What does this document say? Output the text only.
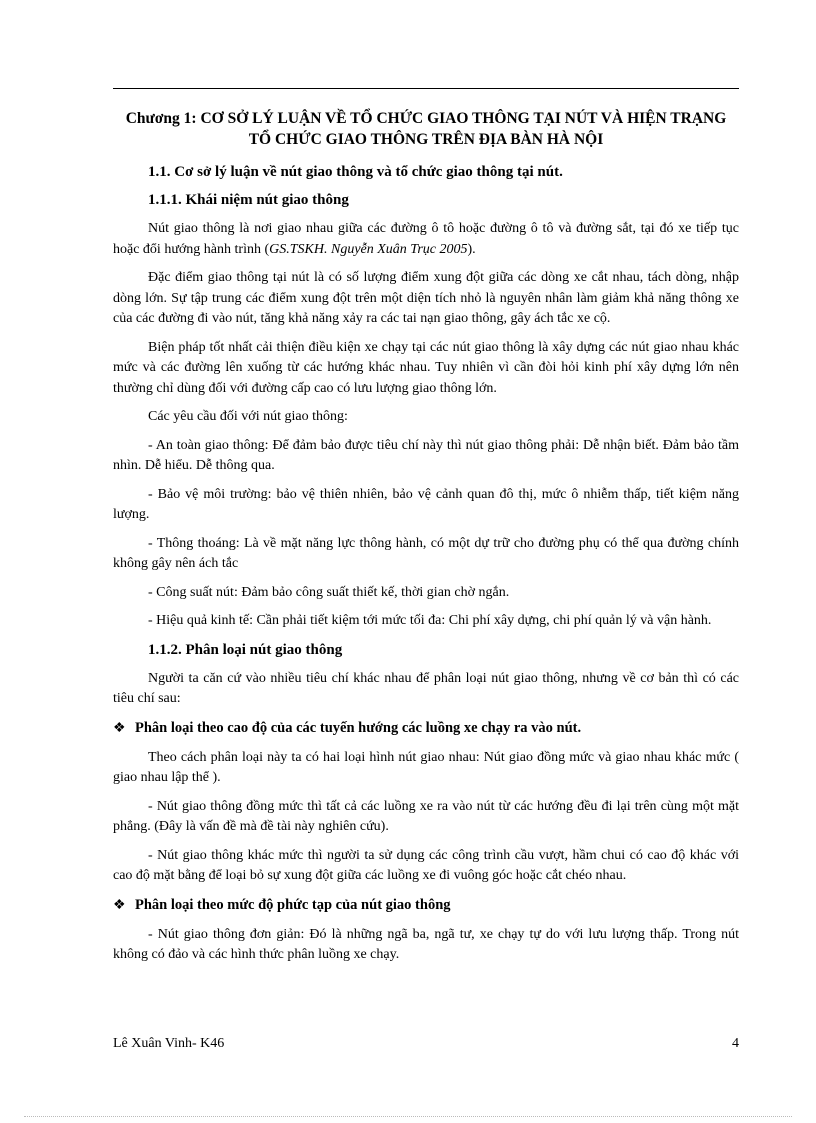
Chương 1: CƠ SỞ LÝ LUẬN VỀ TỔ CHỨC GIAO THÔNG TẠI NÚT VÀ HIỆN TRẠNG
TỔ CHỨC GIAO THÔNG TRÊN ĐỊA BÀN HÀ NỘI
1.1. Cơ sở lý luận về nút giao thông và tổ chức giao thông tại nút.
1.1.1. Khái niệm nút giao thông

Nút giao thông là nơi giao nhau giữa các đường ô tô hoặc đường ô tô và đường sắt, tại đó xe tiếp tục hoặc đổi hướng hành trình (GS.TSKH. Nguyễn Xuân Trục 2005).

Đặc điểm giao thông tại nút là có số lượng điểm xung đột giữa các dòng xe cắt nhau, tách dòng, nhập dòng lớn. Sự tập trung các điểm xung đột trên một diện tích nhỏ là nguyên nhân làm giảm khả năng thông xe của các đường đi vào nút, tăng khả năng xảy ra các tai nạn giao thông, gây ách tắc xe cộ.

Biện pháp tốt nhất cải thiện điều kiện xe chạy tại các nút giao thông là xây dựng các nút giao nhau khác mức và các đường lên xuống từ các hướng khác nhau. Tuy nhiên vì cần đòi hỏi kinh phí xây dựng lớn nên thường chỉ dùng đối với đường cấp cao có lưu lượng giao thông lớn.

Các yêu cầu đối với nút giao thông:

- An toàn giao thông: Để đảm bảo được tiêu chí này thì nút giao thông phải: Dễ nhận biết. Đảm bảo tầm nhìn. Dễ hiểu. Dễ thông qua.

- Bảo vệ môi trường: bảo vệ thiên nhiên, bảo vệ cảnh quan đô thị, mức ô nhiễm thấp, tiết kiệm năng lượng.

- Thông thoáng: Là về mặt năng lực thông hành, có một dự trữ cho đường phụ có thể qua đường chính không gây nên ách tắc

- Công suất nút: Đảm bảo công suất thiết kế, thời gian chờ ngắn.

- Hiệu quả kinh tế: Cần phải tiết kiệm tới mức tối đa: Chi phí xây dựng, chi phí quản lý và vận hành.

1.1.2. Phân loại nút giao thông

Người ta căn cứ vào nhiều tiêu chí khác nhau để phân loại nút giao thông, nhưng về cơ bản thì có các tiêu chí sau:

❖ Phân loại theo cao độ của các tuyến hướng các luồng xe chạy ra vào nút.

Theo cách phân loại này ta có hai loại hình nút giao nhau: Nút giao đồng mức và giao nhau khác mức ( giao nhau lập thể ).

- Nút giao thông đồng mức thì tất cả các luồng xe ra vào nút từ các hướng đều đi lại trên cùng một mặt phẳng. (Đây là vấn đề mà đề tài này nghiên cứu).

- Nút giao thông khác mức thì người ta sử dụng các công trình cầu vượt, hầm chui có cao độ khác với cao độ mặt bằng để loại bỏ sự xung đột giữa các luồng xe đi vuông góc hoặc cắt chéo nhau.

❖ Phân loại theo mức độ phức tạp của nút giao thông

- Nút giao thông đơn giản: Đó là những ngã ba, ngã tư, xe chạy tự do với lưu lượng thấp. Trong nút không có đảo và các hình thức phân luồng xe chạy.

Lê Xuân Vinh- K46	4
